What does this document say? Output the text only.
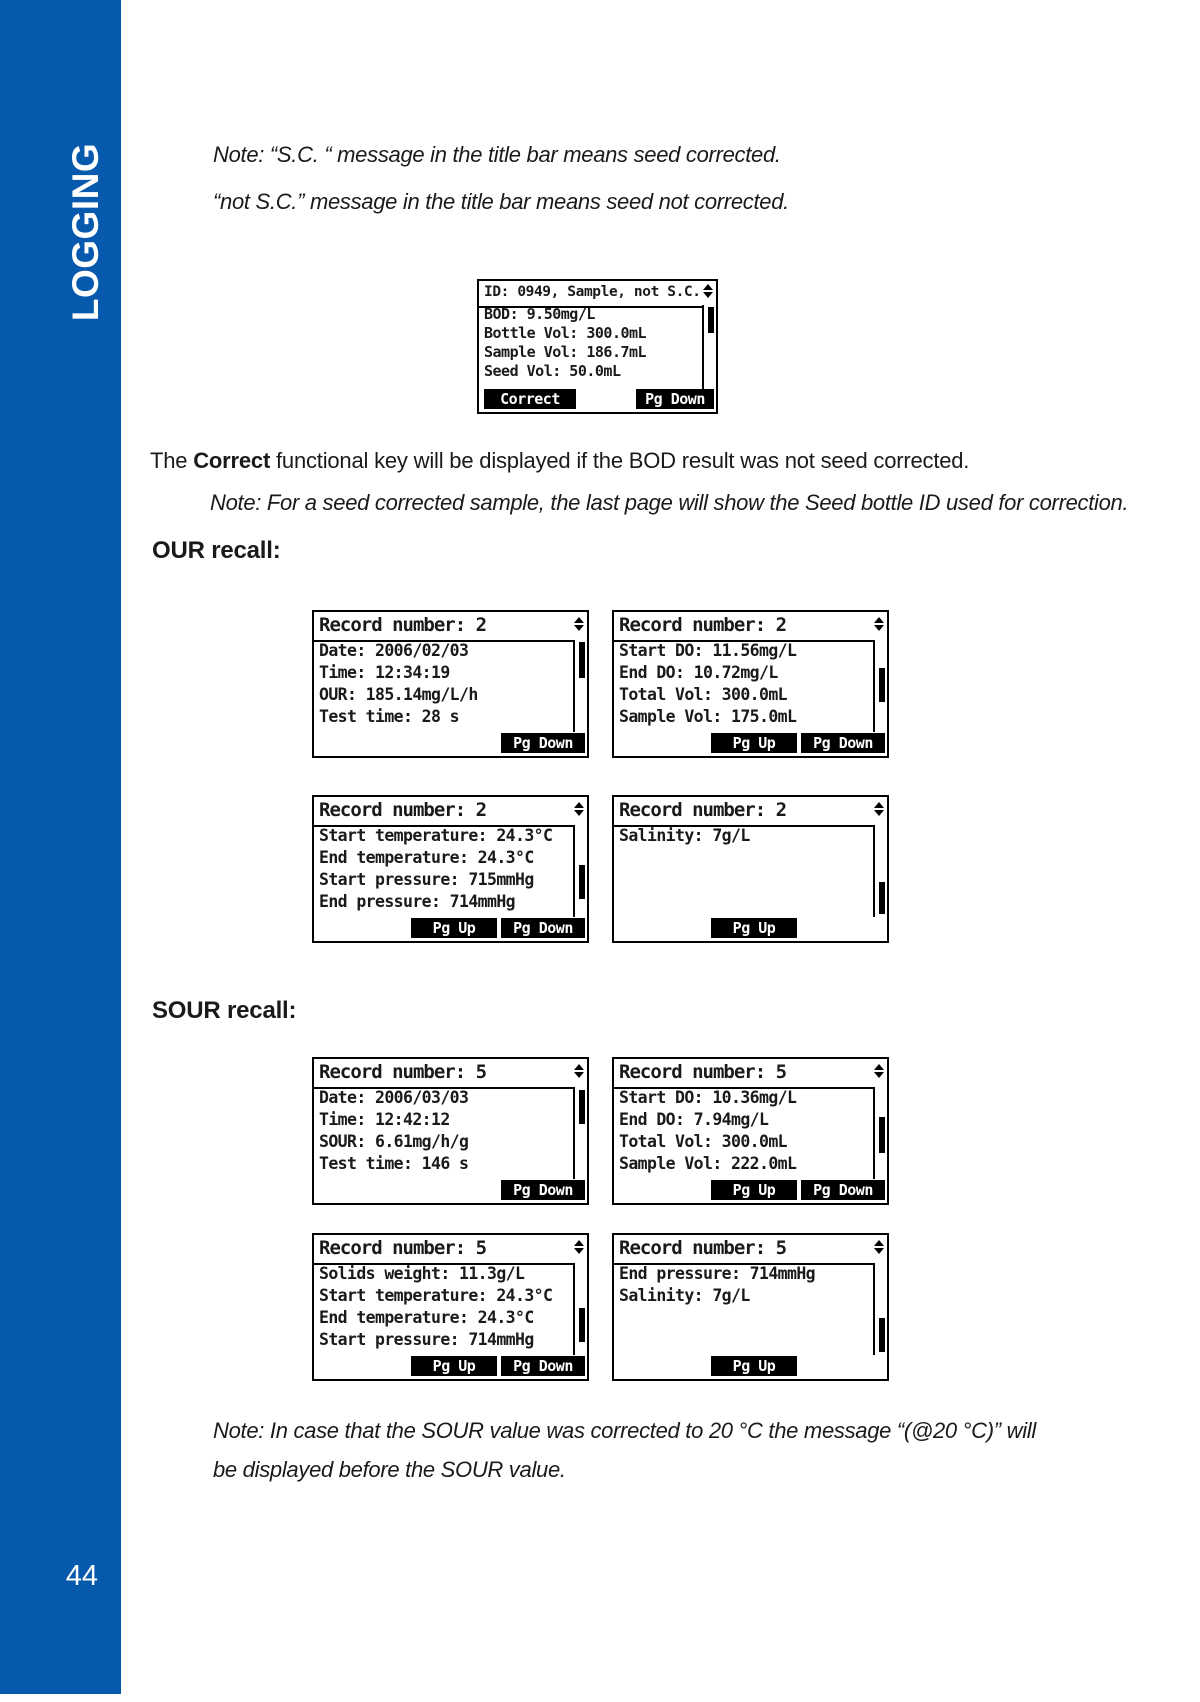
LOGGING
44
Note: “S.C. “ message in the title bar means seed corrected.
“not S.C.” message in the title bar means seed not corrected.
ID: 0949, Sample, not S.C.
BOD: 9.50mg/L
Bottle Vol: 300.0mL
Sample Vol: 186.7mL
Seed Vol: 50.0mL
Correct	Pg Down
The Correct functional key will be displayed if the BOD result was not seed corrected.
Note: For a seed corrected sample, the last page will show the Seed bottle ID used for correction.
OUR recall:
Record number: 2
Date: 2006/02/03
Time: 12:34:19
OUR: 185.14mg/L/h
Test time: 28 s
Pg Down
Record number: 2
Start DO: 11.56mg/L
End DO: 10.72mg/L
Total Vol: 300.0mL
Sample Vol: 175.0mL
Pg Up	Pg Down
Record number: 2
Start temperature: 24.3°C
End temperature: 24.3°C
Start pressure: 715mmHg
End pressure: 714mmHg
Pg Up	Pg Down
Record number: 2
Salinity: 7g/L
Pg Up
SOUR recall:
Record number: 5
Date: 2006/03/03
Time: 12:42:12
SOUR: 6.61mg/h/g
Test time: 146 s
Pg Down
Record number: 5
Start DO: 10.36mg/L
End DO: 7.94mg/L
Total Vol: 300.0mL
Sample Vol: 222.0mL
Pg Up	Pg Down
Record number: 5
Solids weight: 11.3g/L
Start temperature: 24.3°C
End temperature: 24.3°C
Start pressure: 714mmHg
Pg Up	Pg Down
Record number: 5
End pressure: 714mmHg
Salinity: 7g/L
Pg Up
Note: In case that the SOUR value was corrected to 20 °C the message “(@20 °C)” will
be displayed before the SOUR value.
